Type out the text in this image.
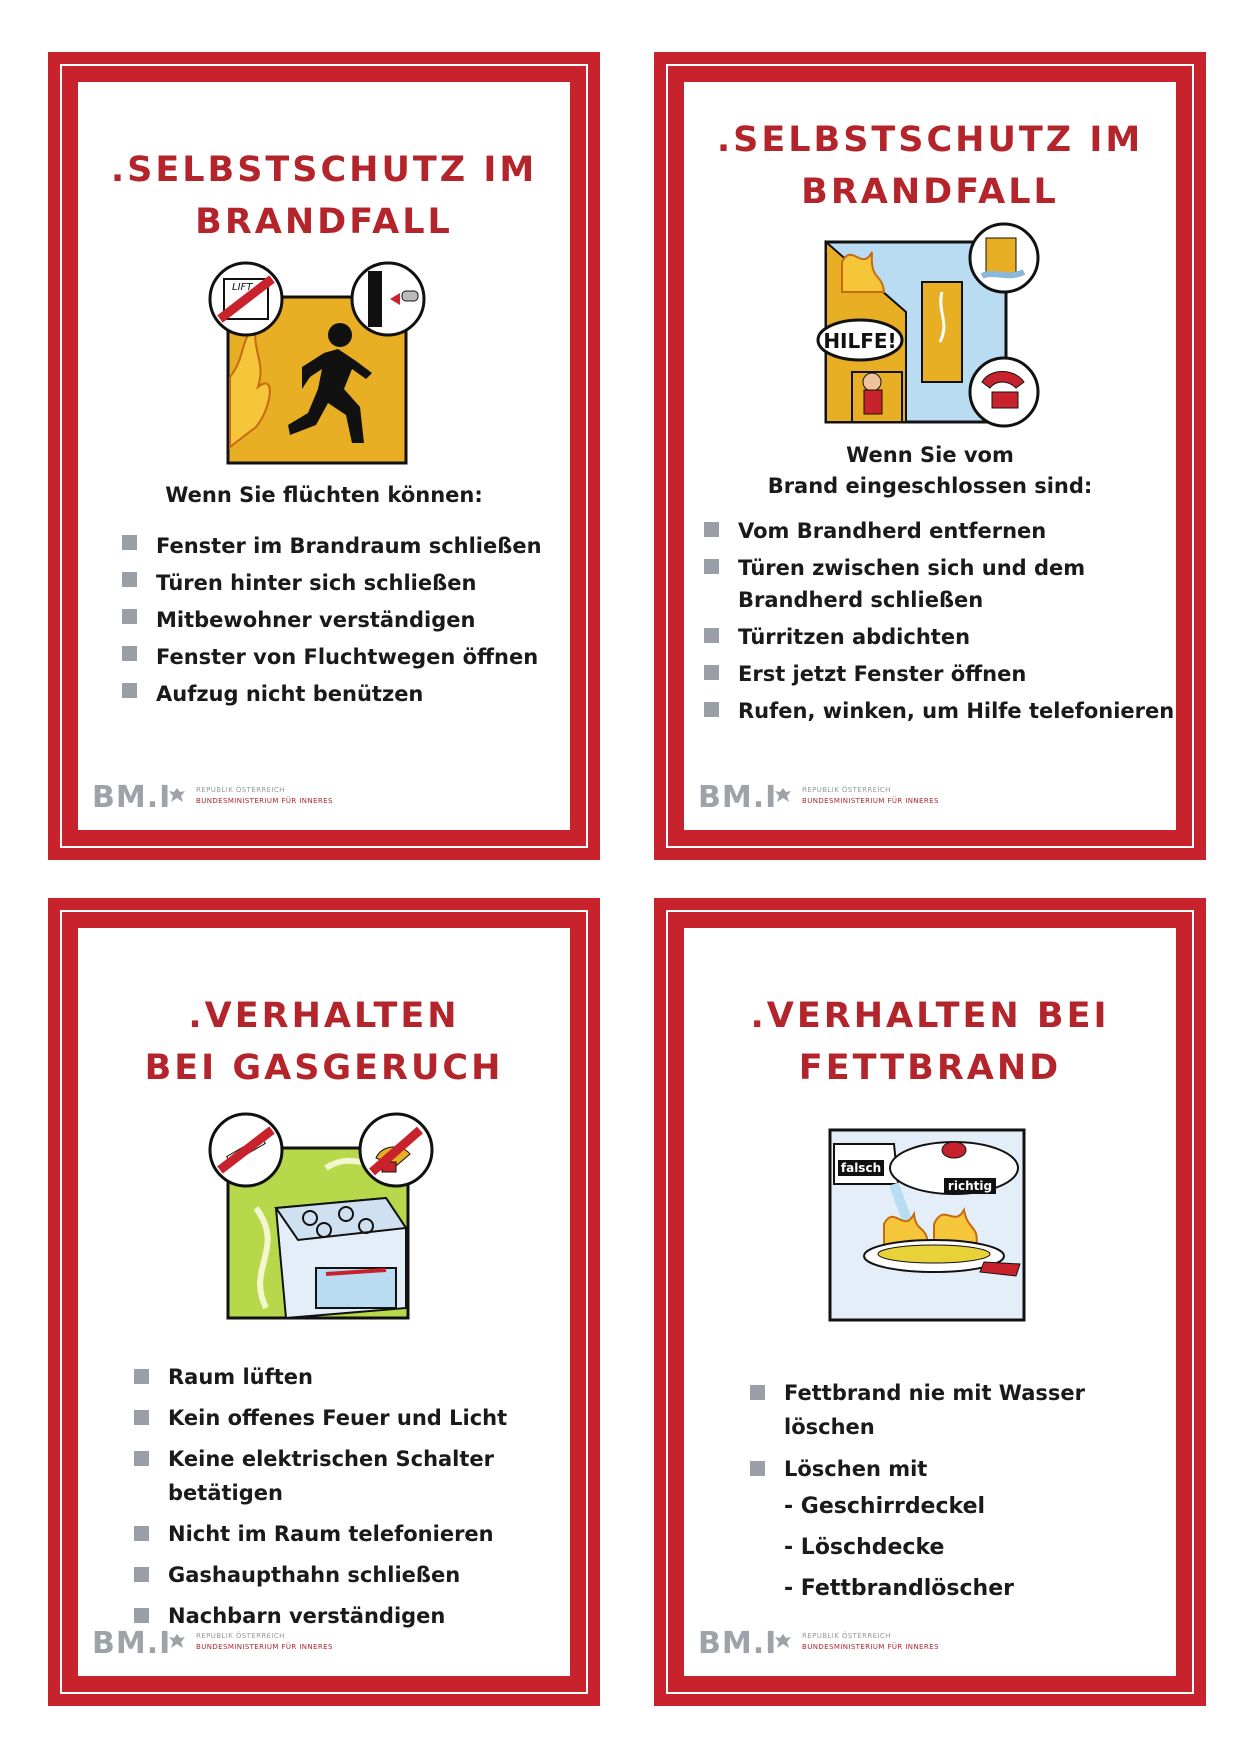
.SELBSTSCHUTZ IM
BRANDFALL
LIFT
Wenn Sie flüchten können:
Fenster im Brandraum schließen
Türen hinter sich schließen
Mitbewohner verständigen
Fenster von Fluchtwegen öffnen
Aufzug nicht benützen
BM.I	REPUBLIK ÖSTERREICH
BUNDESMINISTERIUM FÜR INNERES
.SELBSTSCHUTZ IM
BRANDFALL
HILFE!
Wenn Sie vom
Brand eingeschlossen sind:
Vom Brandherd entfernen
Türen zwischen sich und dem
Brandherd schließen
Türritzen abdichten
Erst jetzt Fenster öffnen
Rufen, winken, um Hilfe telefonieren
BM.I	REPUBLIK ÖSTERREICH
BUNDESMINISTERIUM FÜR INNERES
.VERHALTEN
BEI GASGERUCH
Raum lüften
Kein offenes Feuer und Licht
Keine elektrischen Schalter
betätigen
Nicht im Raum telefonieren
Gashaupthahn schließen
Nachbarn verständigen
BM.I	REPUBLIK ÖSTERREICH
BUNDESMINISTERIUM FÜR INNERES
.VERHALTEN BEI
FETTBRAND
falsch
richtig
Fettbrand nie mit Wasser
löschen
Löschen mit
- Geschirrdeckel
- Löschdecke
- Fettbrandlöscher
BM.I	REPUBLIK ÖSTERREICH
BUNDESMINISTERIUM FÜR INNERES
